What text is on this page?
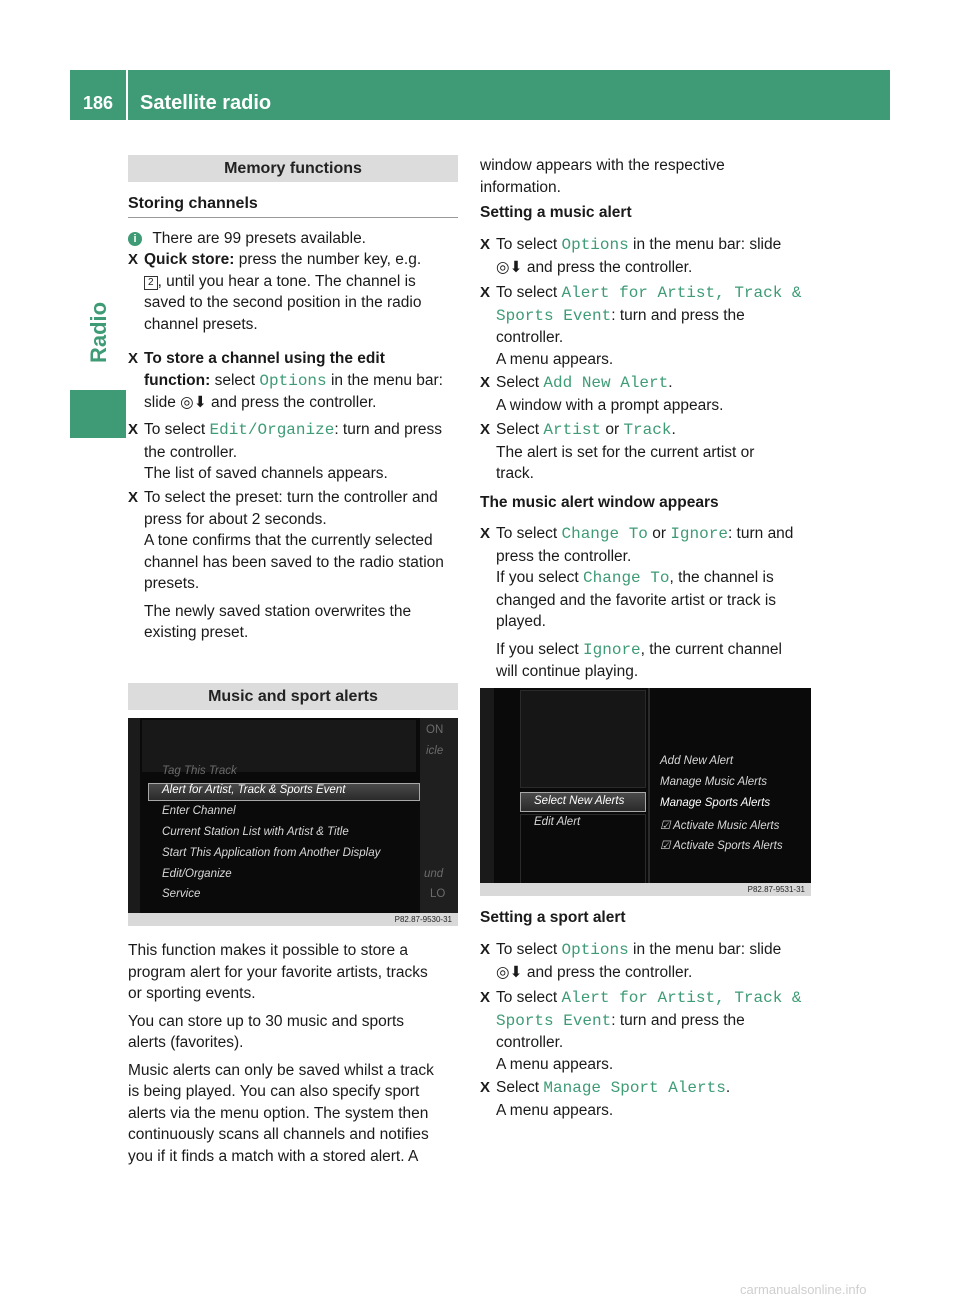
186	Satellite radio
Radio
Memory functions
Storing channels
i There are 99 presets available.
X Quick store: press the number key, e.g.
2 , until you hear a tone. The channel is
saved to the second position in the radio
channel presets.
X To store a channel using the edit
function: select Options in the menu bar:
slide ◎⬇ and press the controller.
X To select Edit/Organize: turn and press
the controller.
The list of saved channels appears.
X To select the preset: turn the controller and
press for about 2 seconds.
A tone confirms that the currently selected
channel has been saved to the radio station
presets.

The newly saved station overwrites the
existing preset.
Music and sport alerts
Tag This Track
Alert for Artist, Track & Sports Event
Enter Channel
Current Station List with Artist & Title
Start This Application from Another Display
Edit/Organize
Service
ON
icle
und
LO
P82.87-9530-31
This function makes it possible to store a
program alert for your favorite artists, tracks
or sporting events.

You can store up to 30 music and sports
alerts (favorites).

Music alerts can only be saved whilst a track
is being played. You can also specify sport
alerts via the menu option. The system then
continuously scans all channels and notifies
you if it finds a match with a stored alert. A
window appears with the respective
information.
Setting a music alert
X To select Options in the menu bar: slide
◎⬇ and press the controller.
X To select Alert for Artist, Track &
Sports Event: turn and press the
controller.
A menu appears.
X Select Add New Alert.
A window with a prompt appears.
X Select Artist or Track.
The alert is set for the current artist or
track.
The music alert window appears
X To select Change To or Ignore: turn and
press the controller.
If you select Change To, the channel is
changed and the favorite artist or track is
played.

If you select Ignore, the current channel
will continue playing.
Select New Alerts
Edit Alert
Add New Alert
Manage Music Alerts
Manage Sports Alerts
☑ Activate Music Alerts
☑ Activate Sports Alerts
P82.87-9531-31
Setting a sport alert
X To select Options in the menu bar: slide
◎⬇ and press the controller.
X To select Alert for Artist, Track &
Sports Event: turn and press the
controller.
A menu appears.
X Select Manage Sport Alerts.
A menu appears.
carmanualsonline.info
